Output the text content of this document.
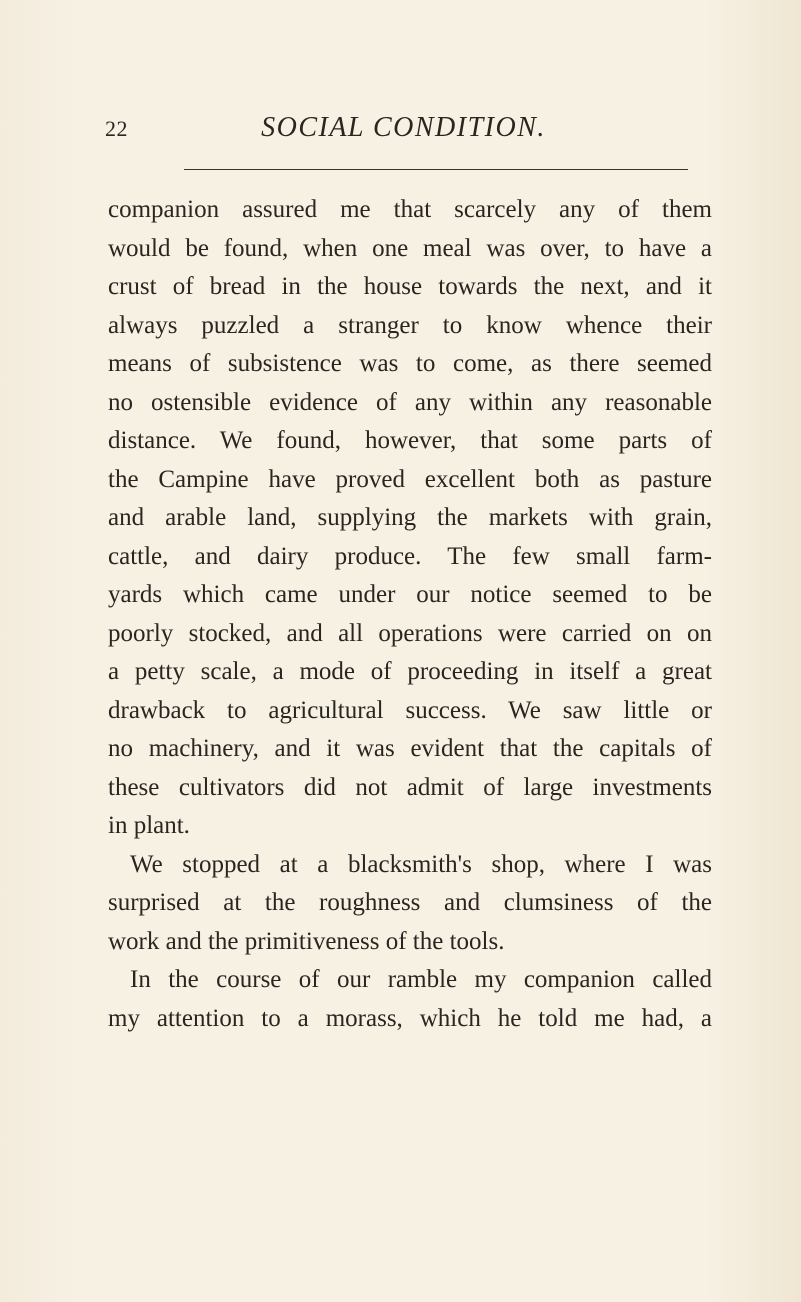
22	SOCIAL CONDITION.
companion assured me that scarcely any of them
would be found, when one meal was over, to have a
crust of bread in the house towards the next, and it
always puzzled a stranger to know whence their
means of subsistence was to come, as there seemed
no ostensible evidence of any within any reasonable
distance. We found, however, that some parts of
the Campine have proved excellent both as pasture
and arable land, supplying the markets with grain,
cattle, and dairy produce. The few small farm-
yards which came under our notice seemed to be
poorly stocked, and all operations were carried on on
a petty scale, a mode of proceeding in itself a great
drawback to agricultural success. We saw little or
no machinery, and it was evident that the capitals of
these cultivators did not admit of large investments
in plant.
We stopped at a blacksmith's shop, where I was
surprised at the roughness and clumsiness of the
work and the primitiveness of the tools.
In the course of our ramble my companion called
my attention to a morass, which he told me had, a
